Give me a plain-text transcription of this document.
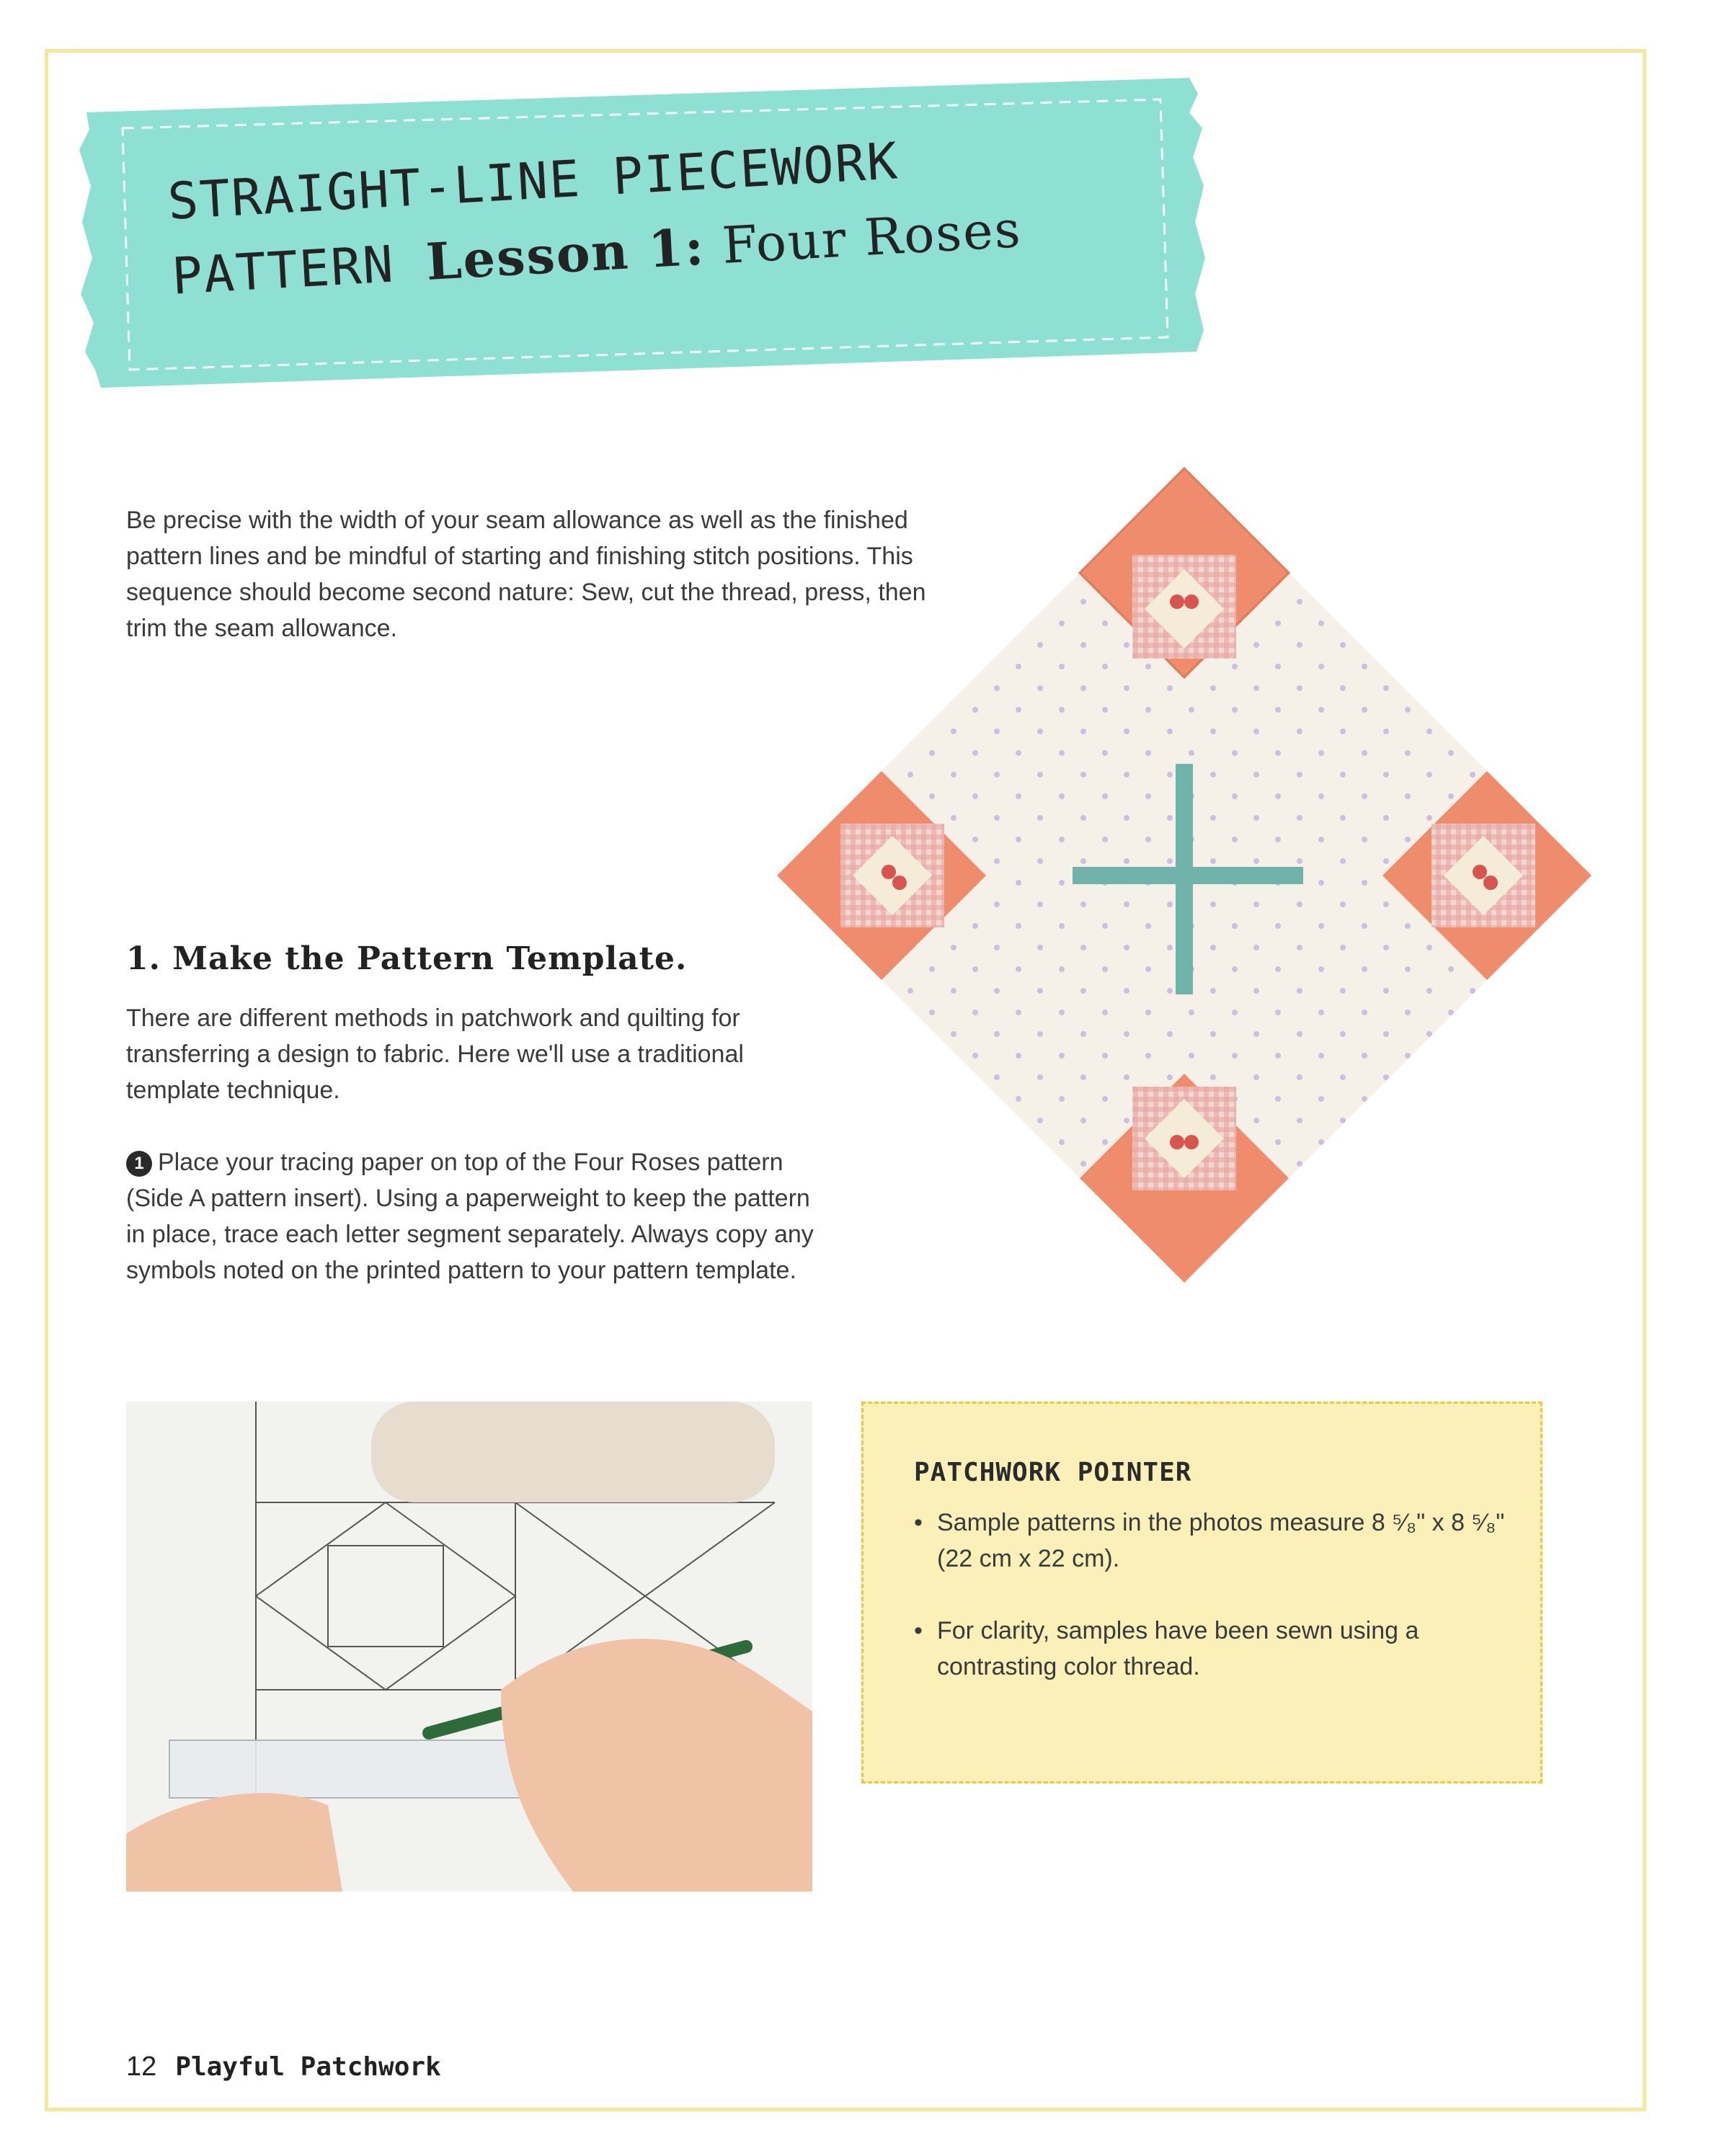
STRAIGHT-LINE PIECEWORK
PATTERN Lesson 1: Four Roses

Be precise with the width of your seam allowance as well as the finished pattern lines and be mindful of starting and finishing stitch positions. This sequence should become second nature: Sew, cut the thread, press, then trim the seam allowance.

1. Make the Pattern Template.

There are different methods in patchwork and quilting for transferring a design to fabric. Here we'll use a traditional template technique.

1 Place your tracing paper on top of the Four Roses pattern (Side A pattern insert). Using a paperweight to keep the pattern in place, trace each letter segment separately. Always copy any symbols noted on the printed pattern to your pattern template.

PATCHWORK POINTER
• Sample patterns in the photos measure 8 ⁵⁄₈" x 8 ⁵⁄₈" (22 cm x 22 cm).
• For clarity, samples have been sewn using a contrasting color thread.
12 Playful Patchwork
